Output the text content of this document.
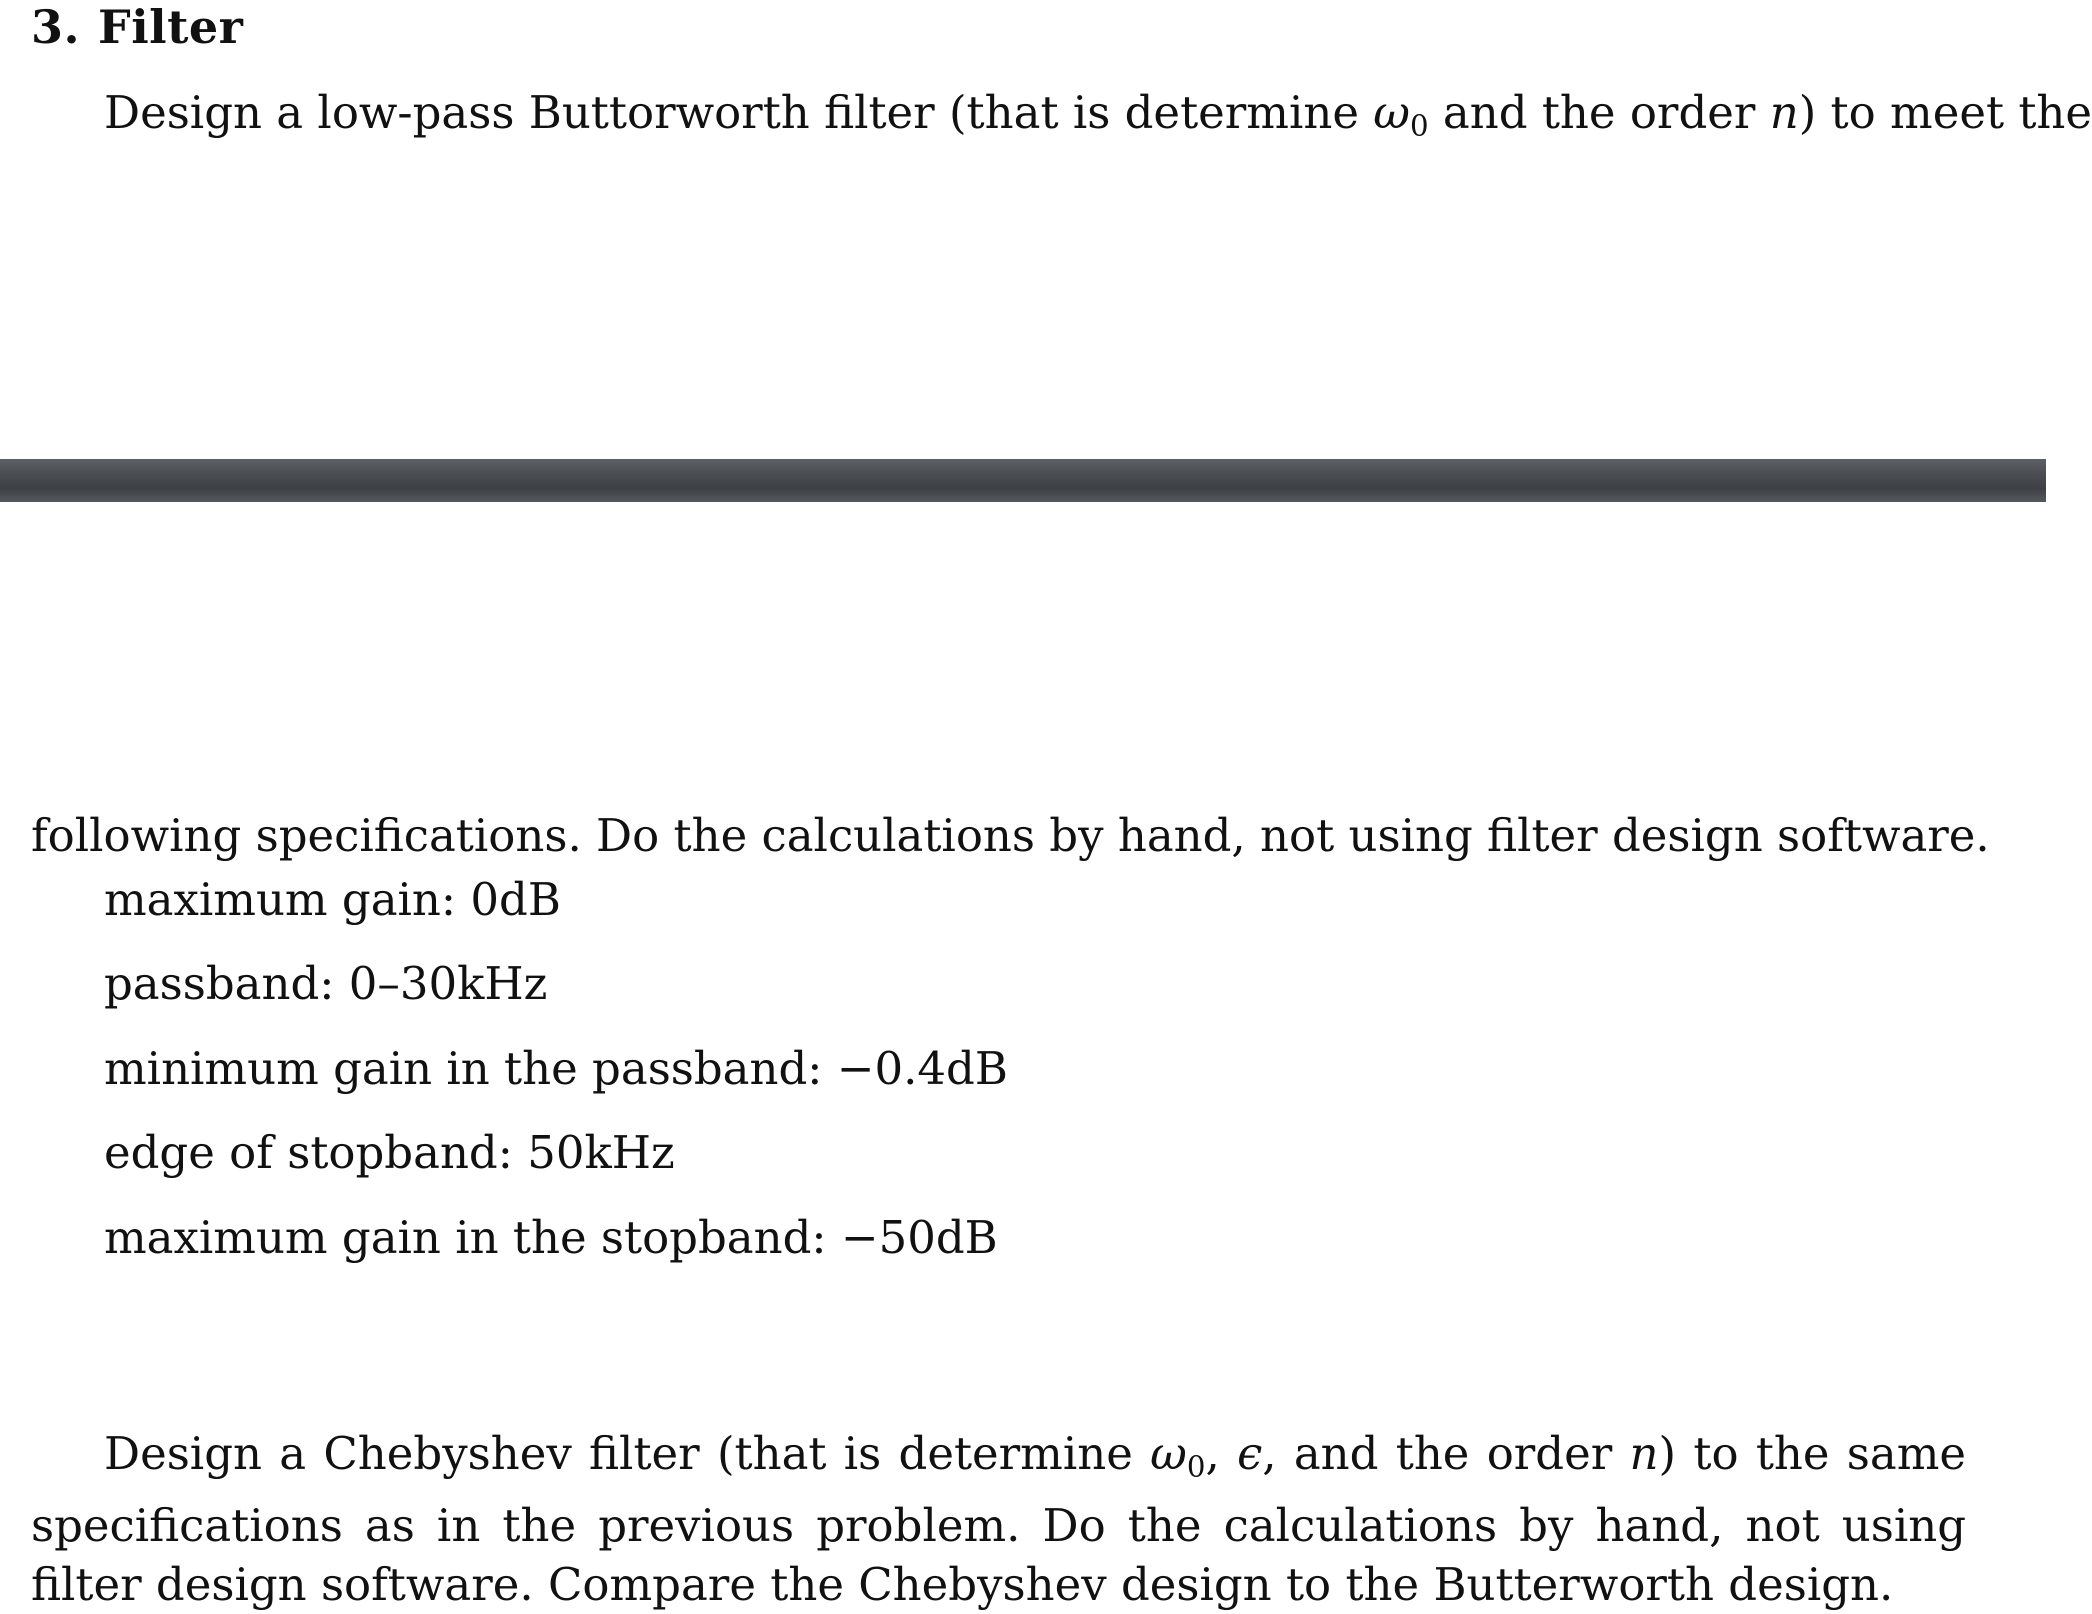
3. Filter
Design a low-pass Buttorworth filter (that is determine $\omega_0$ and the order n) to meet the
following specifications. Do the calculations by hand, not using filter design software.
maximum gain: 0dB
passband: 0–30kHz
minimum gain in the passband: −0.4dB
edge of stopband: 50kHz
maximum gain in the stopband: −50dB
Design a Chebyshev filter (that is determine $\omega_0$, ϵ, and the order n) to the same specifications as in the previous problem. Do the calculations by hand, not using filter design software. Compare the Chebyshev design to the Butterworth design.
